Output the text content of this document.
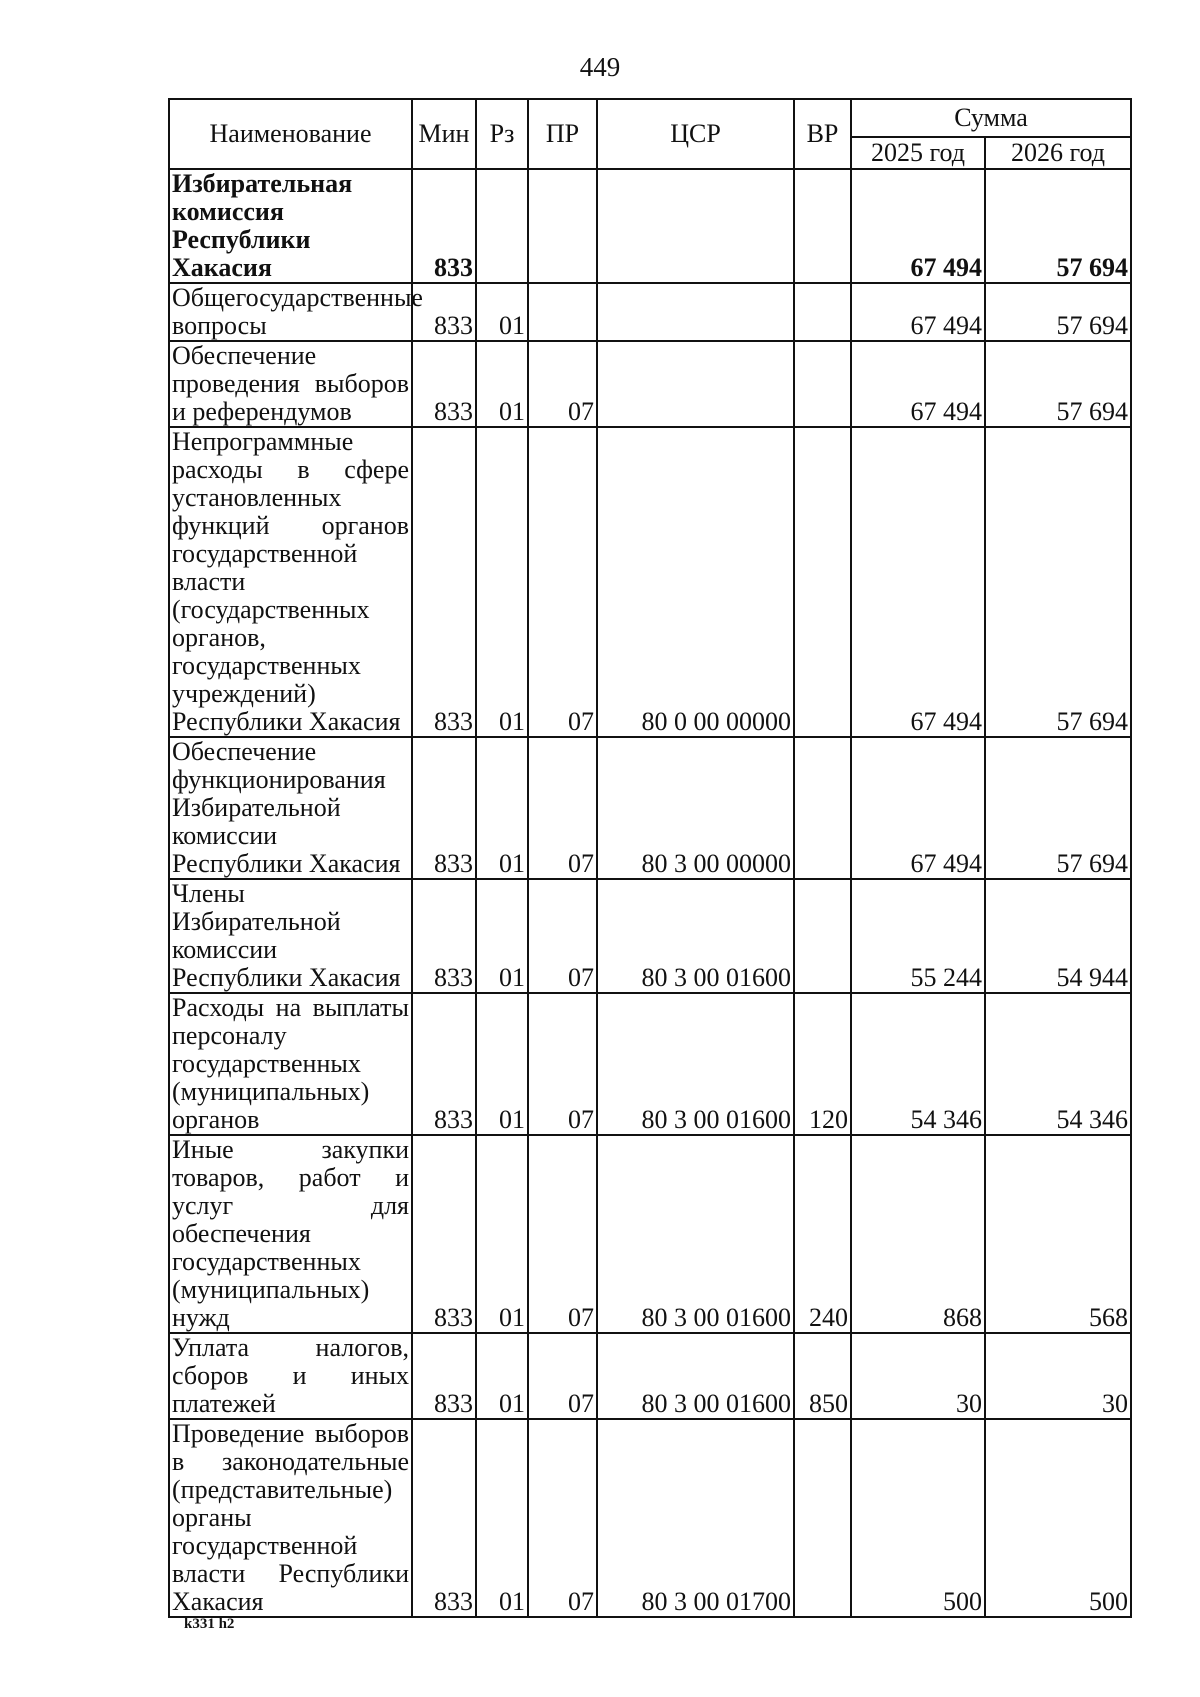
449
Наименование	Мин	Рз	ПР	ЦСР	ВР	Сумма	
						2025 год	2026 год
Избирательная комиссия Республики Хакасия	833					67 494	57 694
Общегосударственные вопросы	833	01				67 494	57 694
Обеспечение проведения выборов и референдумов	833	01	07			67 494	57 694
Непрограммные расходы в сфере установленных функций органов государственной власти (государственных органов, государственных учреждений) Республики Хакасия	833	01	07	80 0 00 00000		67 494	57 694
Обеспечение функционирования Избирательной комиссии Республики Хакасия	833	01	07	80 3 00 00000		67 494	57 694
Члены Избирательной комиссии Республики Хакасия	833	01	07	80 3 00 01600		55 244	54 944
Расходы на выплаты персоналу государственных (муниципальных) органов	833	01	07	80 3 00 01600	120	54 346	54 346
Иные закупки товаров, работ и услуг для обеспечения государственных (муниципальных) нужд	833	01	07	80 3 00 01600	240	868	568
Уплата налогов, сборов и иных платежей	833	01	07	80 3 00 01600	850	30	30
Проведение выборов в законодательные (представительные) органы государственной власти Республики Хакасия	833	01	07	80 3 00 01700		500	500
k331 h2
